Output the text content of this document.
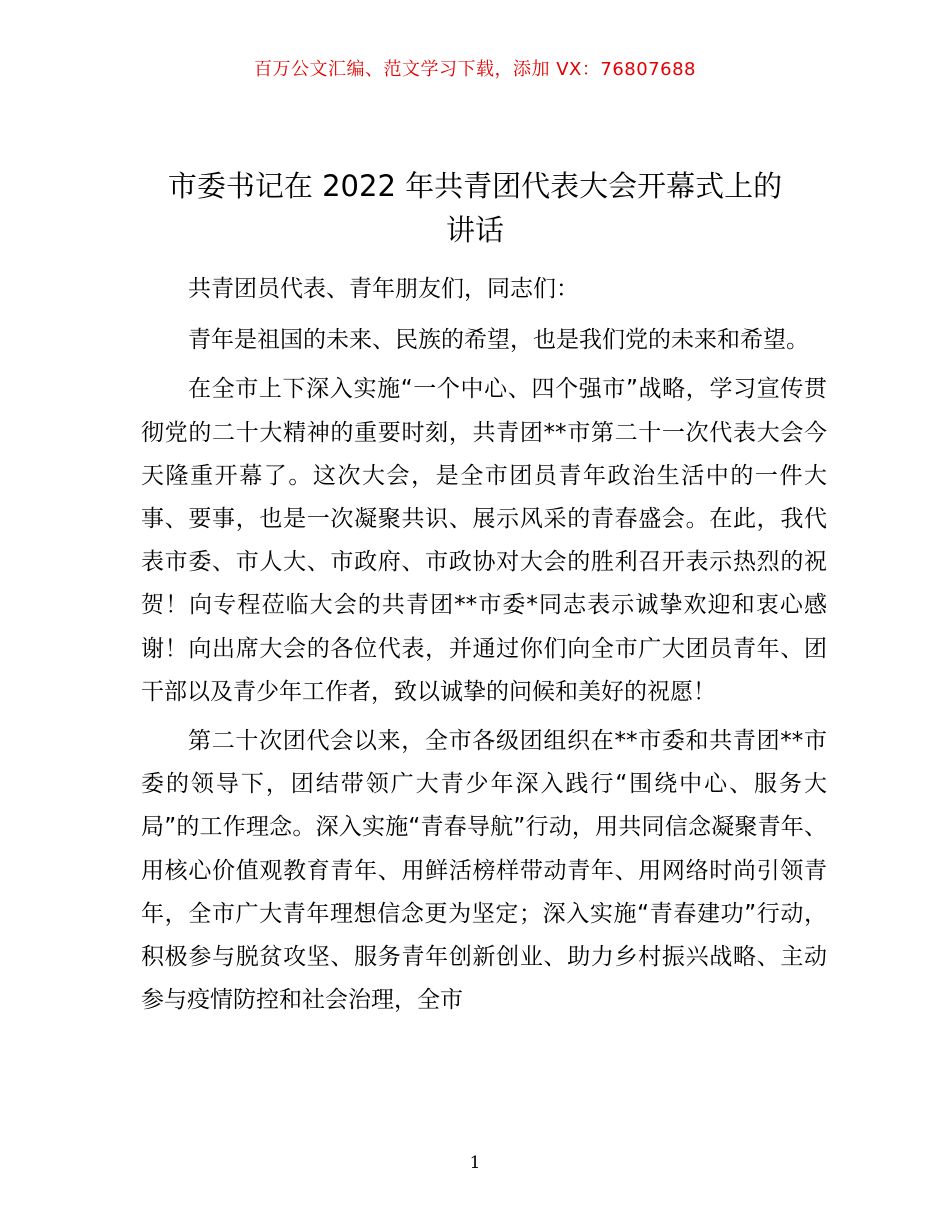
百万公文汇编、范文学习下载，添加 VX：76807688
市委书记在 2022 年共青团代表大会开幕式上的
讲话

共青团员代表、青年朋友们，同志们：

青年是祖国的未来、民族的希望，也是我们党的未来和希望。

在全市上下深入实施“一个中心、四个强市”战略，学习宣传贯彻党的二十大精神的重要时刻，共青团**市第二十一次代表大会今天隆重开幕了。这次大会，是全市团员青年政治生活中的一件大事、要事，也是一次凝聚共识、展示风采的青春盛会。在此，我代表市委、市人大、市政府、市政协对大会的胜利召开表示热烈的祝贺！向专程莅临大会的共青团**市委*同志表示诚挚欢迎和衷心感谢！向出席大会的各位代表，并通过你们向全市广大团员青年、团干部以及青少年工作者，致以诚挚的问候和美好的祝愿！

第二十次团代会以来，全市各级团组织在**市委和共青团**市委的领导下，团结带领广大青少年深入践行“围绕中心、服务大局”的工作理念。深入实施“青春导航”行动，用共同信念凝聚青年、用核心价值观教育青年、用鲜活榜样带动青年、用网络时尚引领青年，全市广大青年理想信念更为坚定；深入实施“青春建功”行动，积极参与脱贫攻坚、服务青年创新创业、助力乡村振兴战略、主动参与疫情防控和社会治理，全市

1
